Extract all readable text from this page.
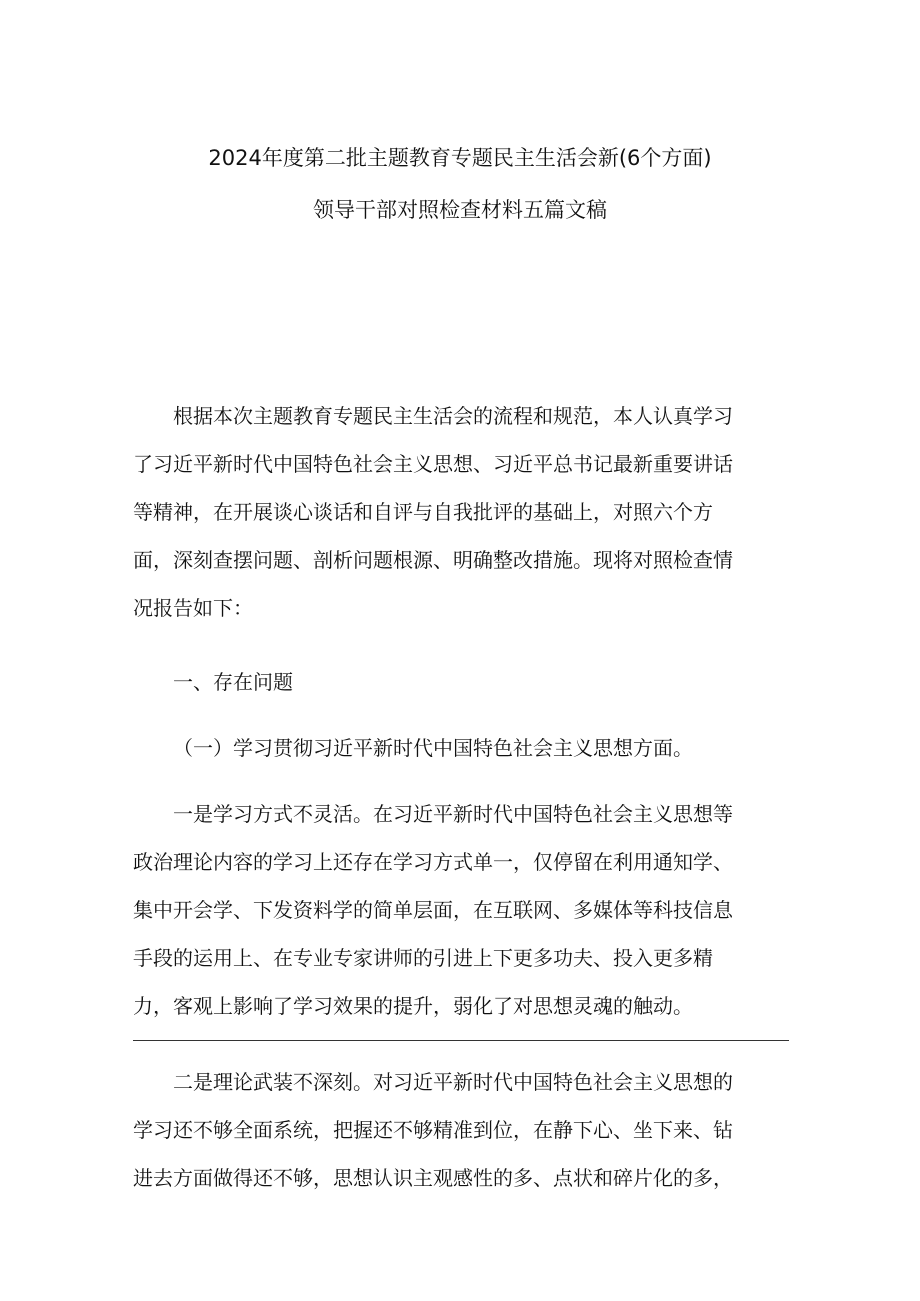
2024年度第二批主题教育专题民主生活会新(6个方面)
领导干部对照检查材料五篇文稿

根据本次主题教育专题民主生活会的流程和规范，本人认真学习
了习近平新时代中国特色社会主义思想、习近平总书记最新重要讲话
等精神，在开展谈心谈话和自评与自我批评的基础上，对照六个方
面，深刻查摆问题、剖析问题根源、明确整改措施。现将对照检查情
况报告如下：

一、存在问题

（一）学习贯彻习近平新时代中国特色社会主义思想方面。

一是学习方式不灵活。在习近平新时代中国特色社会主义思想等
政治理论内容的学习上还存在学习方式单一，仅停留在利用通知学、
集中开会学、下发资料学的简单层面，在互联网、多媒体等科技信息
手段的运用上、在专业专家讲师的引进上下更多功夫、投入更多精
力，客观上影响了学习效果的提升，弱化了对思想灵魂的触动。

二是理论武装不深刻。对习近平新时代中国特色社会主义思想的
学习还不够全面系统，把握还不够精准到位，在静下心、坐下来、钻
进去方面做得还不够，思想认识主观感性的多、点状和碎片化的多，
